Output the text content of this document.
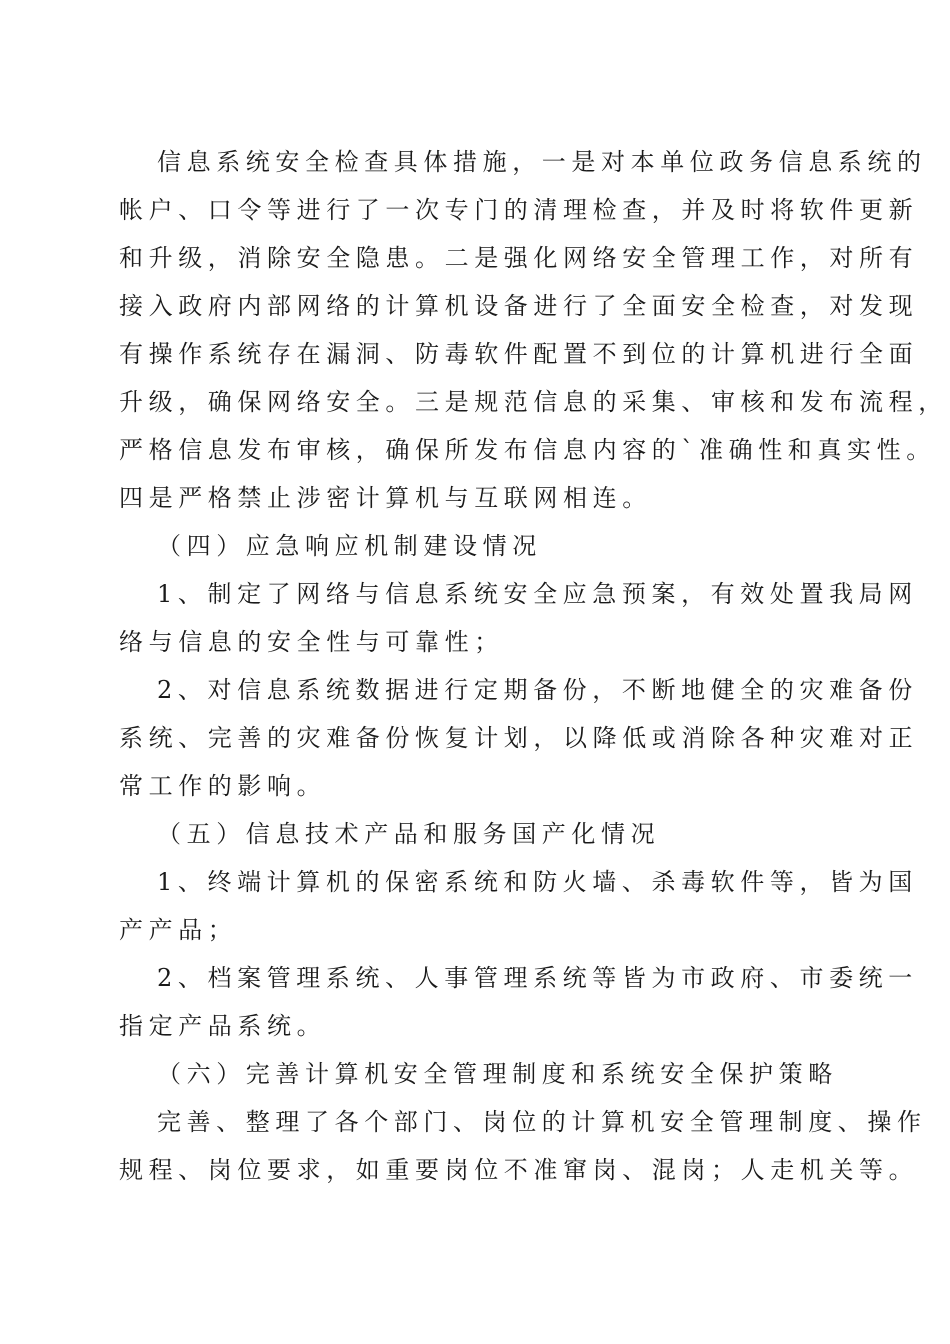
信息系统安全检查具体措施，一是对本单位政务信息系统的
帐户、口令等进行了一次专门的清理检查，并及时将软件更新
和升级，消除安全隐患。二是强化网络安全管理工作，对所有
接入政府内部网络的计算机设备进行了全面安全检查，对发现
有操作系统存在漏洞、防毒软件配置不到位的计算机进行全面
升级，确保网络安全。三是规范信息的采集、审核和发布流程，
严格信息发布审核，确保所发布信息内容的`准确性和真实性。
四是严格禁止涉密计算机与互联网相连。
（四）应急响应机制建设情况
1、制定了网络与信息系统安全应急预案，有效处置我局网
络与信息的安全性与可靠性；
2、对信息系统数据进行定期备份，不断地健全的灾难备份
系统、完善的灾难备份恢复计划，以降低或消除各种灾难对正
常工作的影响。
（五）信息技术产品和服务国产化情况
1、终端计算机的保密系统和防火墙、杀毒软件等，皆为国
产产品；
2、档案管理系统、人事管理系统等皆为市政府、市委统一
指定产品系统。
（六）完善计算机安全管理制度和系统安全保护策略
完善、整理了各个部门、岗位的计算机安全管理制度、操作
规程、岗位要求，如重要岗位不准窜岗、混岗；人走机关等。
